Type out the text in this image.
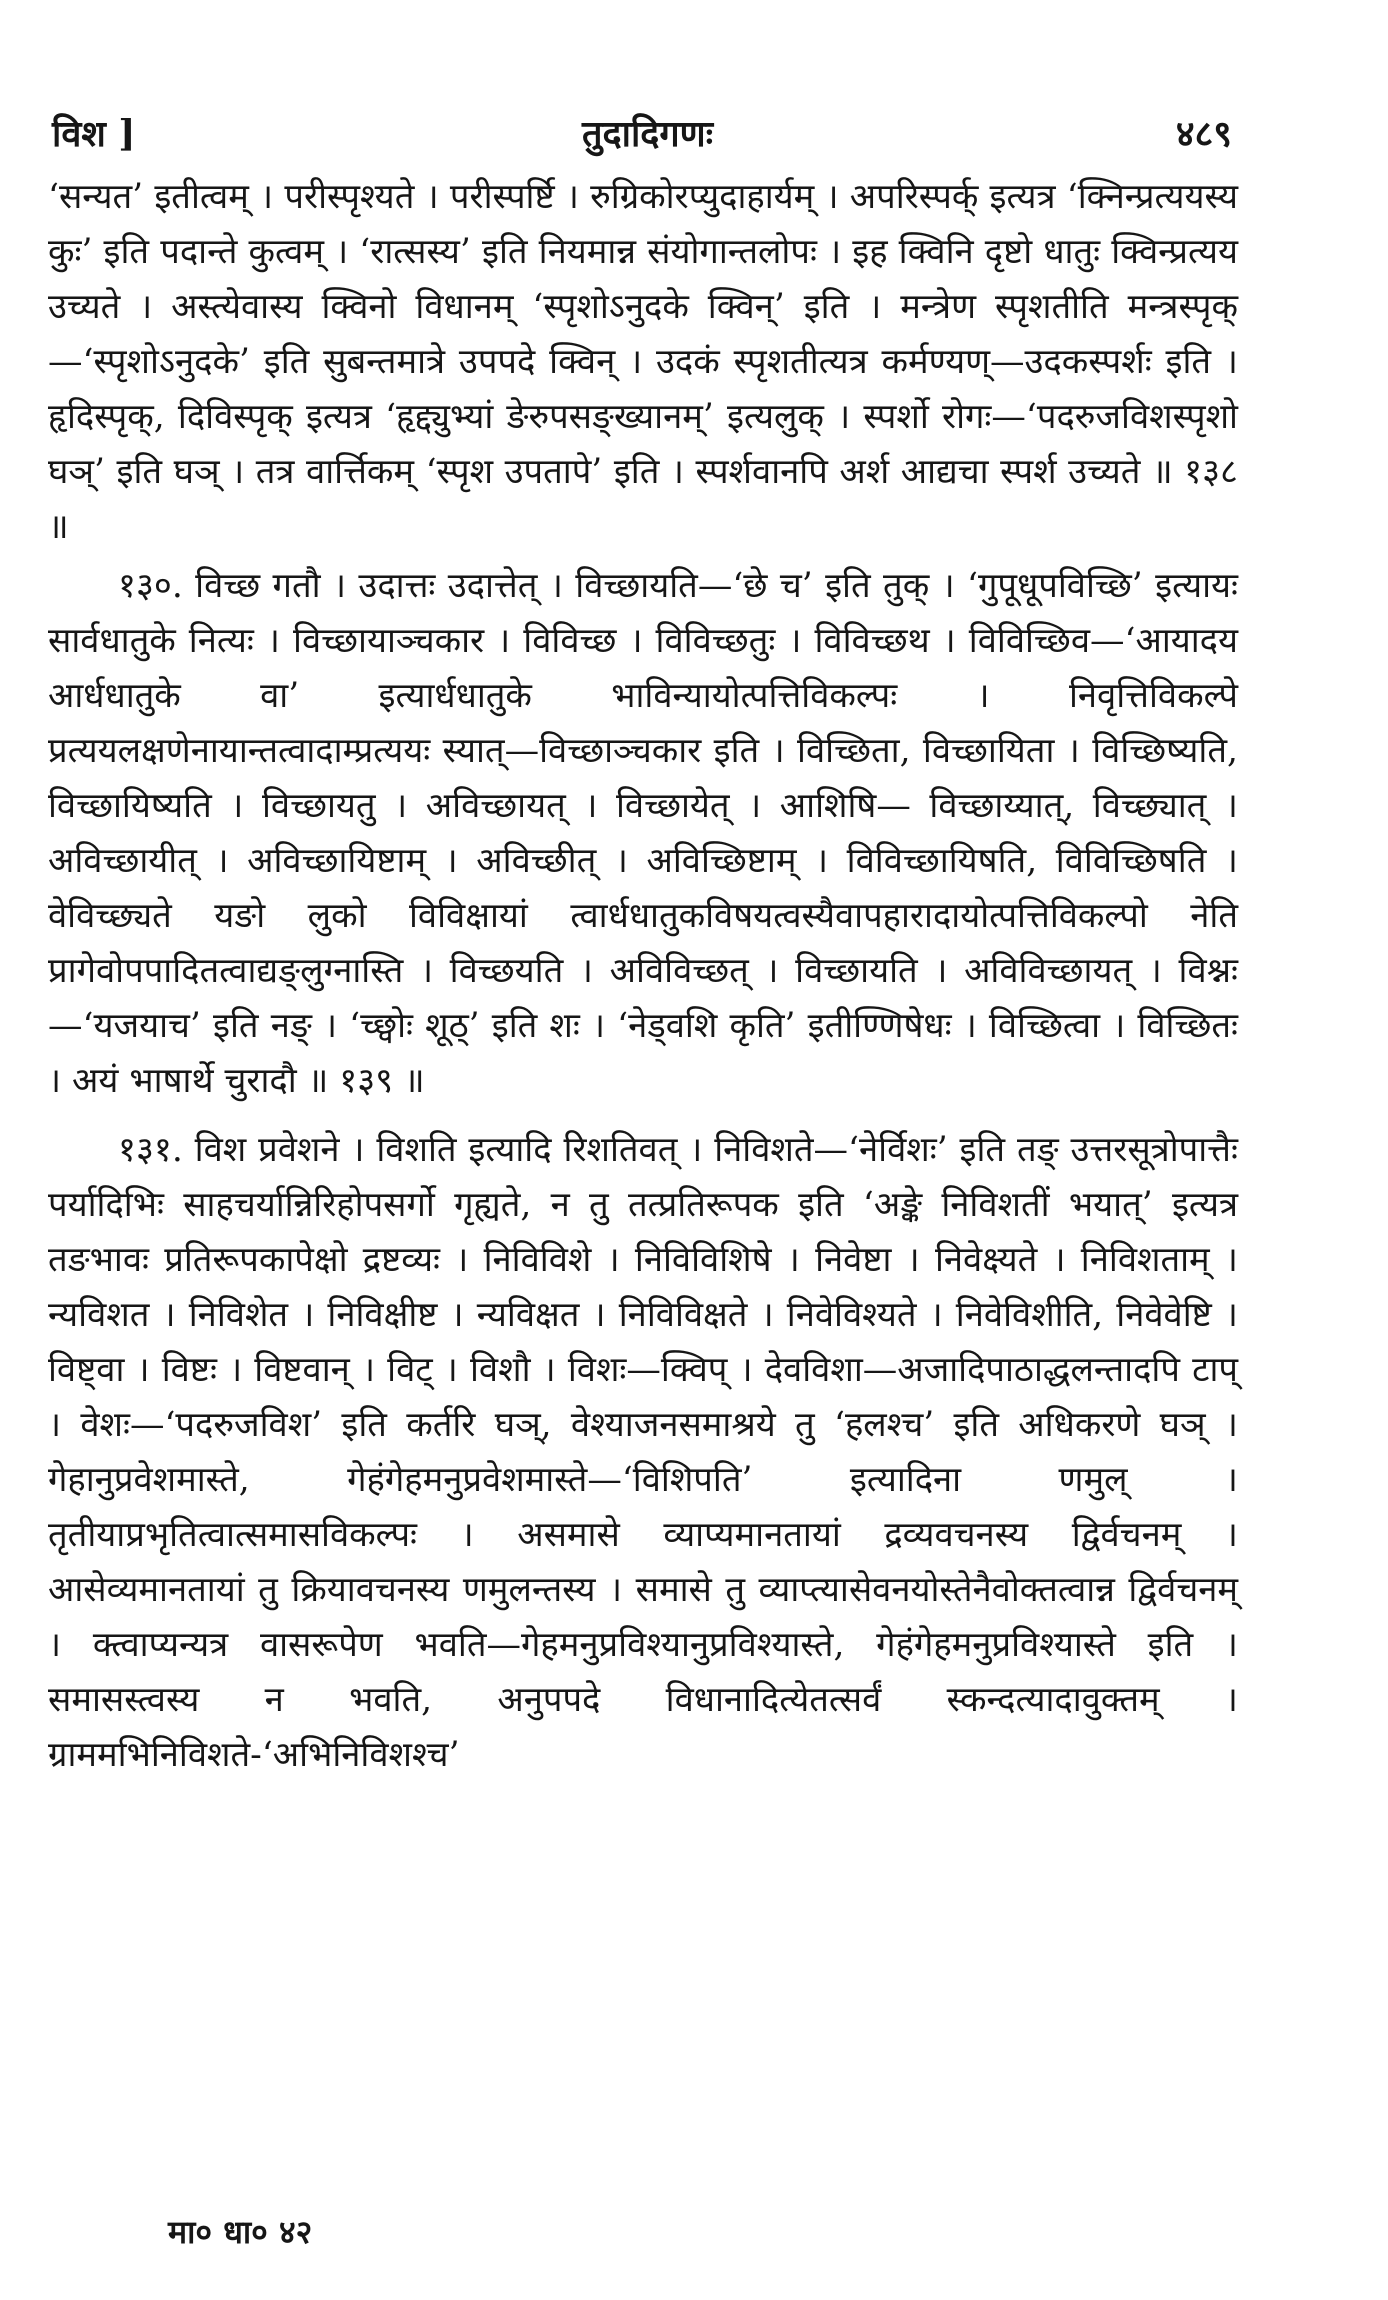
विश ]	तुदादिगणः	४८९

‘सन्यत’ इतीत्वम् । परीस्पृश्यते । परीस्पर्ष्टि । रुग्रिकोरप्युदाहार्यम् । अपरिस्पर्क् इत्यत्र ‘क्निन्प्रत्ययस्य कुः’ इति पदान्ते कुत्वम् । ‘रात्सस्य’ इति नियमान्न संयोगान्तलोपः । इह क्विनि दृष्टो धातुः क्विन्प्रत्यय उच्यते । अस्त्येवास्य क्विनो विधानम् ‘स्पृशोऽनुदके क्विन्’ इति । मन्त्रेण स्पृशतीति मन्त्रस्पृक्—‘स्पृशोऽनुदके’ इति सुबन्तमात्रे उपपदे क्विन् । उदकं स्पृशतीत्यत्र कर्मण्यण्—उदकस्पर्शः इति । हृदिस्पृक्, दिविस्पृक् इत्यत्र ‘हृद्द्युभ्यां ङेरुपसङ्ख्यानम्’ इत्यलुक् । स्पर्शो रोगः—‘पदरुजविशस्पृशो घञ्’ इति घञ् । तत्र वार्त्तिकम् ‘स्पृश उपतापे’ इति । स्पर्शवानपि अर्श आद्यचा स्पर्श उच्यते ॥ १३८ ॥

१३०. विच्छ गतौ । उदात्तः उदात्तेत् । विच्छायति—‘छे च’ इति तुक् । ‘गुपूधूपविच्छि’ इत्यायः सार्वधातुके नित्यः । विच्छायाञ्चकार । विविच्छ । विविच्छतुः । विविच्छथ । विविच्छिव—‘आयादय आर्धधातुके वा’ इत्यार्धधातुके भाविन्यायोत्पत्तिविकल्पः । निवृत्तिविकल्पे प्रत्ययलक्षणेनायान्तत्वादाम्प्रत्ययः स्यात्—विच्छाञ्चकार इति । विच्छिता, विच्छायिता । विच्छिष्यति, विच्छायिष्यति । विच्छायतु । अविच्छायत् । विच्छायेत् । आशिषि— विच्छाय्यात्, विच्छ्यात् । अविच्छायीत् । अविच्छायिष्टाम् । अविच्छीत् । अविच्छिष्टाम् । विविच्छायिषति, विविच्छिषति । वेविच्छ्यते यङो लुको विविक्षायां त्वार्धधातुकविषयत्वस्यैवापहारादायोत्पत्तिविकल्पो नेति प्रागेवोपपादितत्वाद्यङ्लुग्नास्ति । विच्छयति । अविविच्छत् । विच्छायति । अविविच्छायत् । विश्नः—‘यजयाच’ इति नङ् । ‘च्छ्वोः शूठ्’ इति शः । ‘नेड्वशि कृति’ इतीण्णिषेधः । विच्छित्वा । विच्छितः । अयं भाषार्थे चुरादौ ॥ १३९ ॥

१३१. विश प्रवेशने । विशति इत्यादि रिशतिवत् । निविशते—‘नेर्विशः’ इति तङ् उत्तरसूत्रोपात्तैः पर्यादिभिः साहचर्यान्निरिहोपसर्गो गृह्यते, न तु तत्प्रतिरूपक इति ‘अङ्के निविशतीं भयात्’ इत्यत्र तङभावः प्रतिरूपकापेक्षो द्रष्टव्यः । निविविशे । निविविशिषे । निवेष्टा । निवेक्ष्यते । निविशताम् । न्यविशत । निविशेत । निविक्षीष्ट । न्यविक्षत । निविविक्षते । निवेविश्यते । निवेविशीति, निवेवेष्टि । विष्ट्वा । विष्टः । विष्टवान् । विट् । विशौ । विशः—क्विप् । देवविशा—अजादिपाठाद्धलन्तादपि टाप् । वेशः—‘पदरुजविश’ इति कर्तरि घञ्, वेश्याजनसमाश्रये तु ‘हलश्च’ इति अधिकरणे घञ् । गेहानुप्रवेशमास्ते, गेहंगेहमनुप्रवेशमास्ते—‘विशिपति’ इत्यादिना णमुल् । तृतीयाप्रभृतित्वात्समासविकल्पः । असमासे व्याप्यमानतायां द्रव्यवचनस्य द्विर्वचनम् । आसेव्यमानतायां तु क्रियावचनस्य णमुलन्तस्य । समासे तु व्याप्त्यासेवनयोस्तेनैवोक्तत्वान्न द्विर्वचनम् । क्त्वाप्यन्यत्र वासरूपेण भवति—गेहमनुप्रविश्यानुप्रविश्यास्ते, गेहंगेहमनुप्रविश्यास्ते इति । समासस्त्वस्य न भवति, अनुपपदे विधानादित्येतत्सर्वं स्कन्दत्यादावुक्तम् । ग्राममभिनिविशते-‘अभिनिविशश्च’

मा० धा० ४२
